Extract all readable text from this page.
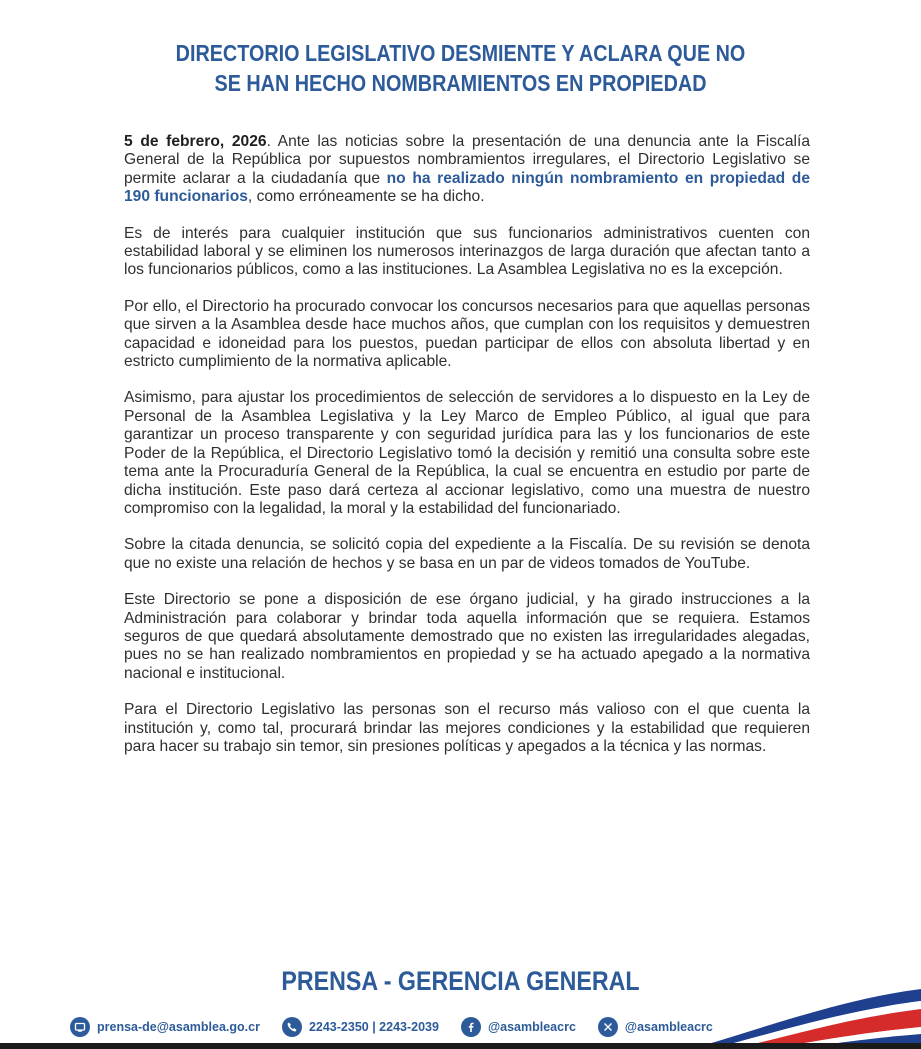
DIRECTORIO LEGISLATIVO DESMIENTE Y ACLARA QUE NO
SE HAN HECHO NOMBRAMIENTOS EN PROPIEDAD

5 de febrero, 2026. Ante las noticias sobre la presentación de una denuncia ante la Fiscalía General de la República por supuestos nombramientos irregulares, el Directorio Legislativo se permite aclarar a la ciudadanía que no ha realizado ningún nombramiento en propiedad de 190 funcionarios, como erróneamente se ha dicho.

Es de interés para cualquier institución que sus funcionarios administrativos cuenten con estabilidad laboral y se eliminen los numerosos interinazgos de larga duración que afectan tanto a los funcionarios públicos, como a las instituciones. La Asamblea Legislativa no es la excepción.

Por ello, el Directorio ha procurado convocar los concursos necesarios para que aquellas personas que sirven a la Asamblea desde hace muchos años, que cumplan con los requisitos y demuestren capacidad e idoneidad para los puestos, puedan participar de ellos con absoluta libertad y en estricto cumplimiento de la normativa aplicable.

Asimismo, para ajustar los procedimientos de selección de servidores a lo dispuesto en la Ley de Personal de la Asamblea Legislativa y la Ley Marco de Empleo Público, al igual que para garantizar un proceso transparente y con seguridad jurídica para las y los funcionarios de este Poder de la República, el Directorio Legislativo tomó la decisión y remitió una consulta sobre este tema ante la Procuraduría General de la República, la cual se encuentra en estudio por parte de dicha institución. Este paso dará certeza al accionar legislativo, como una muestra de nuestro compromiso con la legalidad, la moral y la estabilidad del funcionariado.

Sobre la citada denuncia, se solicitó copia del expediente a la Fiscalía. De su revisión se denota que no existe una relación de hechos y se basa en un par de videos tomados de YouTube.

Este Directorio se pone a disposición de ese órgano judicial, y ha girado instrucciones a la Administración para colaborar y brindar toda aquella información que se requiera. Estamos seguros de que quedará absolutamente demostrado que no existen las irregularidades alegadas, pues no se han realizado nombramientos en propiedad y se ha actuado apegado a la normativa nacional e institucional.

Para el Directorio Legislativo las personas son el recurso más valioso con el que cuenta la institución y, como tal, procurará brindar las mejores condiciones y la estabilidad que requieren para hacer su trabajo sin temor, sin presiones políticas y apegados a la técnica y las normas.

PRENSA - GERENCIA GENERAL
prensa-de@asamblea.go.cr	2243-2350 | 2243-2039	@asambleacrc	@asambleacrc
